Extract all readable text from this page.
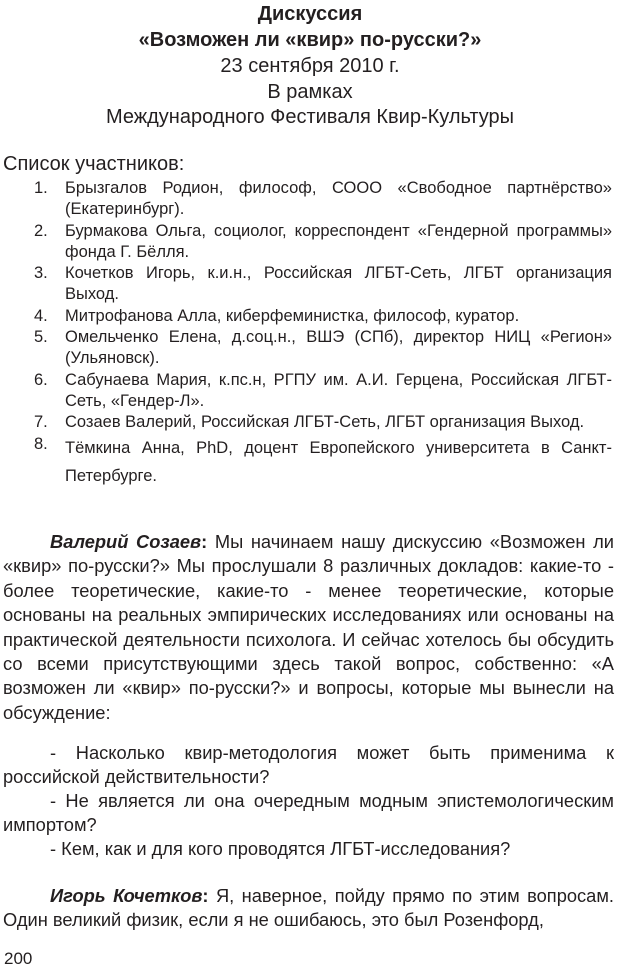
Дискуссия
«Возможен ли «квир» по-русски?»
23 сентября 2010 г.
В рамках
Международного Фестиваля Квир-Культуры
Список участников:
1. Брызгалов Родион, философ, СООО «Свободное партнёрство» (Екатеринбург).
2. Бурмакова Ольга, социолог, корреспондент «Гендерной программы» фонда Г. Бёлля.
3. Кочетков Игорь, к.и.н., Российская ЛГБТ-Сеть, ЛГБТ организация Выход.
4. Митрофанова Алла, киберфеминистка, философ, куратор.
5. Омельченко Елена, д.соц.н., ВШЭ (СПб), директор НИЦ «Регион» (Ульяновск).
6. Сабунаева Мария, к.пс.н, РГПУ им. А.И. Герцена, Российская ЛГБТ-Сеть, «Гендер-Л».
7. Созаев Валерий, Российская ЛГБТ-Сеть, ЛГБТ организация Выход.
8. Тёмкина Анна, PhD, доцент Европейского университета в Санкт-Петербурге.

Валерий Созаев: Мы начинаем нашу дискуссию «Возможен ли «квир» по-русски?» Мы прослушали 8 различных докладов: какие-то - более теоретические, какие-то - менее теоретические, которые основаны на реальных эмпирических исследованиях или основаны на практической деятельности психолога. И сейчас хотелось бы обсудить со всеми присутствующими здесь такой вопрос, собственно: «А возможен ли «квир» по-русски?» и вопросы, которые мы вынесли на обсуждение:

- Насколько квир-методология может быть применима к российской действительности?

- Не является ли она очередным модным эпистемологическим импортом?

- Кем, как и для кого проводятся ЛГБТ-исследования?

Игорь Кочетков: Я, наверное, пойду прямо по этим вопросам. Один великий физик, если я не ошибаюсь, это был Розенфорд,

200
